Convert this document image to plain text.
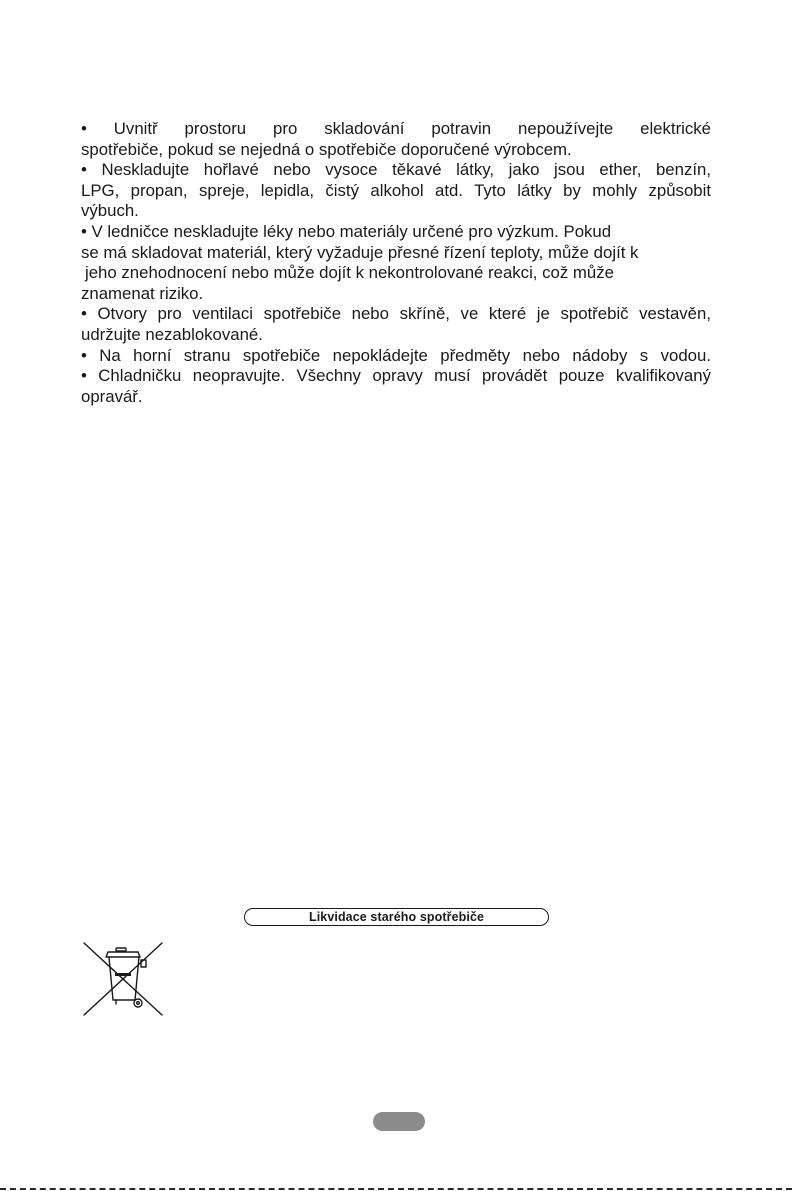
• Uvnitř prostoru pro skladování potravin nepoužívejte elektrické

spotřebiče, pokud se nejedná o spotřebiče doporučené výrobcem.

• Neskladujte hořlavé nebo vysoce těkavé látky, jako jsou ether, benzín,

LPG, propan, spreje, lepidla, čistý alkohol atd. Tyto látky by mohly způsobit

výbuch.

• V ledničce neskladujte léky nebo materiály určené pro výzkum. Pokud

se má skladovat materiál, který vyžaduje přesné řízení teploty, může dojít k

jeho znehodnocení nebo může dojít k nekontrolované reakci, což může

znamenat riziko.

• Otvory pro ventilaci spotřebiče nebo skříně, ve které je spotřebič vestavěn,

udržujte nezablokované.

• Na horní stranu spotřebiče nepokládejte předměty nebo nádoby s vodou.

• Chladničku neopravujte. Všechny opravy musí provádět pouze kvalifikovaný

opravář.

Likvidace starého spotřebiče
